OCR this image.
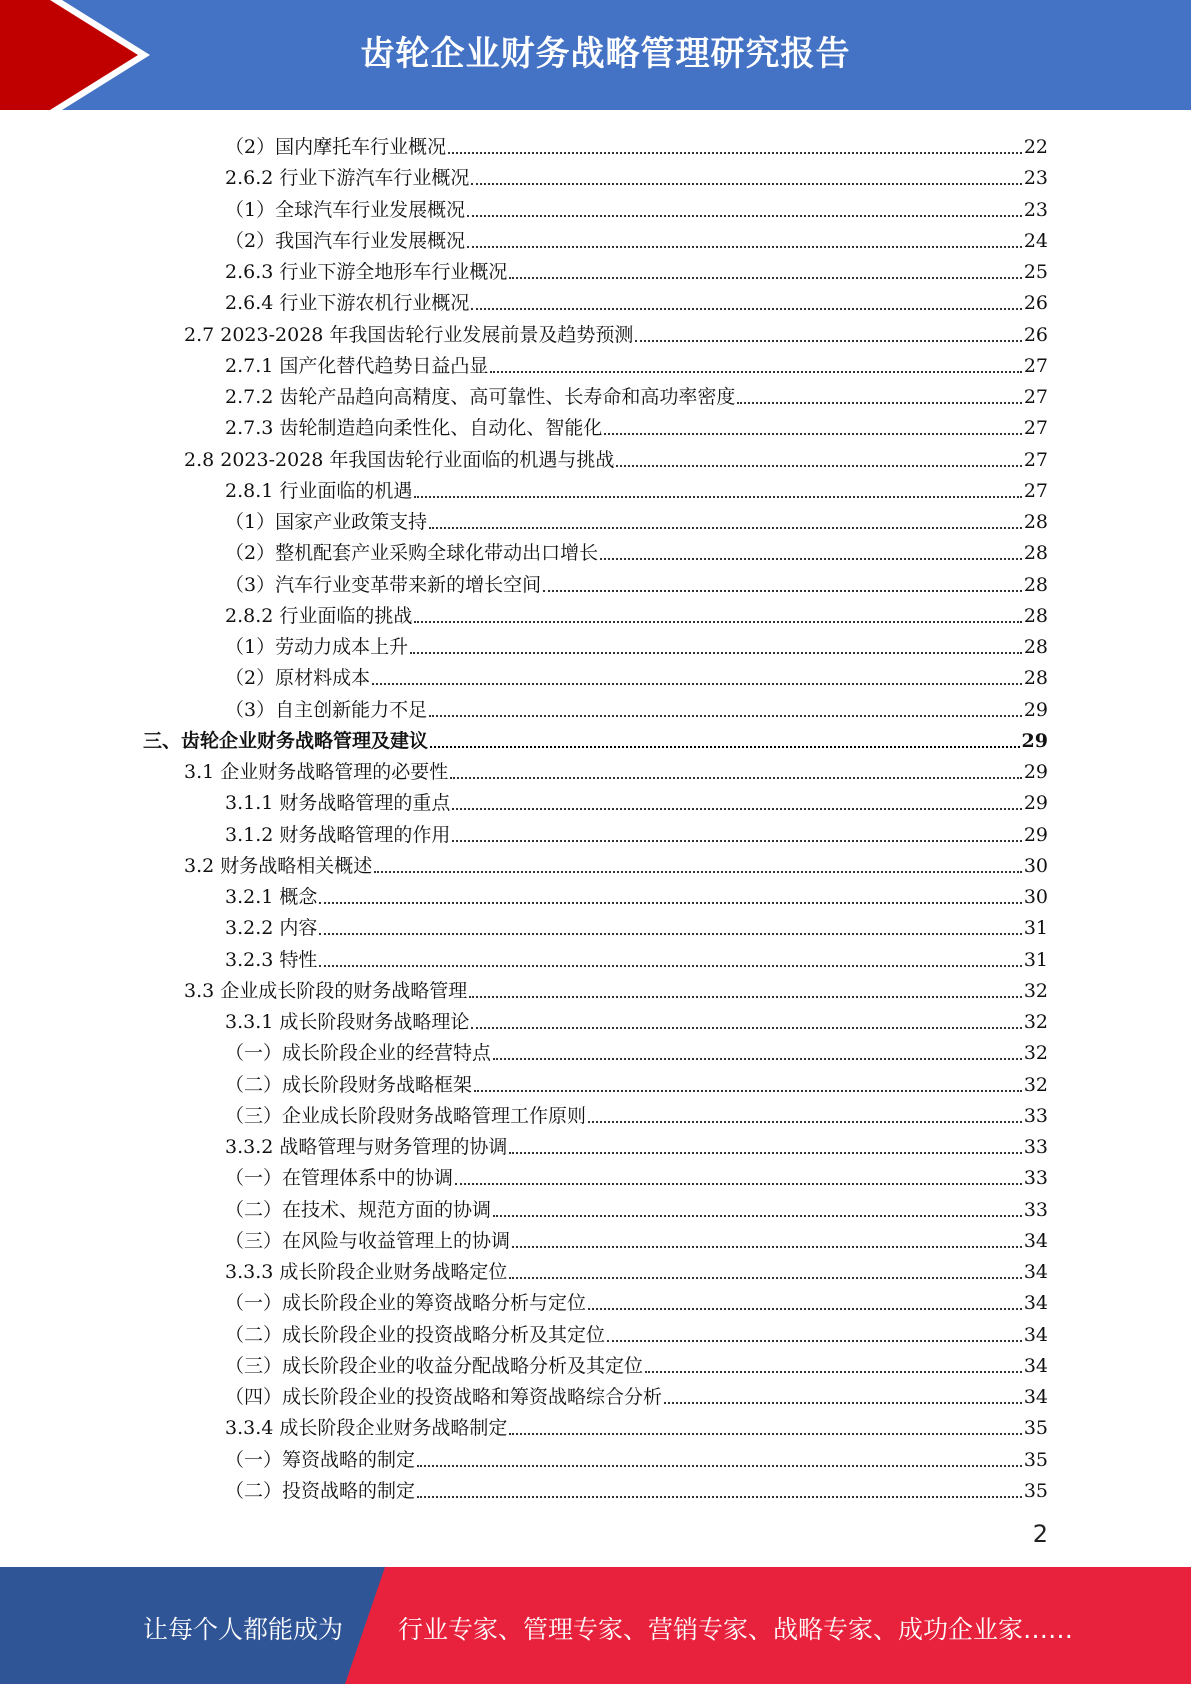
齿轮企业财务战略管理研究报告
（2）国内摩托车行业概况	22
2.6.2 行业下游汽车行业概况	23
（1）全球汽车行业发展概况	23
（2）我国汽车行业发展概况	24
2.6.3 行业下游全地形车行业概况	25
2.6.4 行业下游农机行业概况	26
2.7 2023-2028 年我国齿轮行业发展前景及趋势预测	26
2.7.1 国产化替代趋势日益凸显	27
2.7.2 齿轮产品趋向高精度、高可靠性、长寿命和高功率密度	27
2.7.3 齿轮制造趋向柔性化、自动化、智能化	27
2.8 2023-2028 年我国齿轮行业面临的机遇与挑战	27
2.8.1 行业面临的机遇	27
（1）国家产业政策支持	28
（2）整机配套产业采购全球化带动出口增长	28
（3）汽车行业变革带来新的增长空间	28
2.8.2 行业面临的挑战	28
（1）劳动力成本上升	28
（2）原材料成本	28
（3）自主创新能力不足	29
三、齿轮企业财务战略管理及建议	29
3.1 企业财务战略管理的必要性	29
3.1.1 财务战略管理的重点	29
3.1.2 财务战略管理的作用	29
3.2 财务战略相关概述	30
3.2.1 概念	30
3.2.2 内容	31
3.2.3 特性	31
3.3 企业成长阶段的财务战略管理	32
3.3.1 成长阶段财务战略理论	32
（一）成长阶段企业的经营特点	32
（二）成长阶段财务战略框架	32
（三）企业成长阶段财务战略管理工作原则	33
3.3.2 战略管理与财务管理的协调	33
（一）在管理体系中的协调	33
（二）在技术、规范方面的协调	33
（三）在风险与收益管理上的协调	34
3.3.3 成长阶段企业财务战略定位	34
（一）成长阶段企业的筹资战略分析与定位	34
（二）成长阶段企业的投资战略分析及其定位	34
（三）成长阶段企业的收益分配战略分析及其定位	34
（四）成长阶段企业的投资战略和筹资战略综合分析	34
3.3.4 成长阶段企业财务战略制定	35
（一）筹资战略的制定	35
（二）投资战略的制定	35
2
让每个人都能成为 行业专家、管理专家、营销专家、战略专家、成功企业家……
